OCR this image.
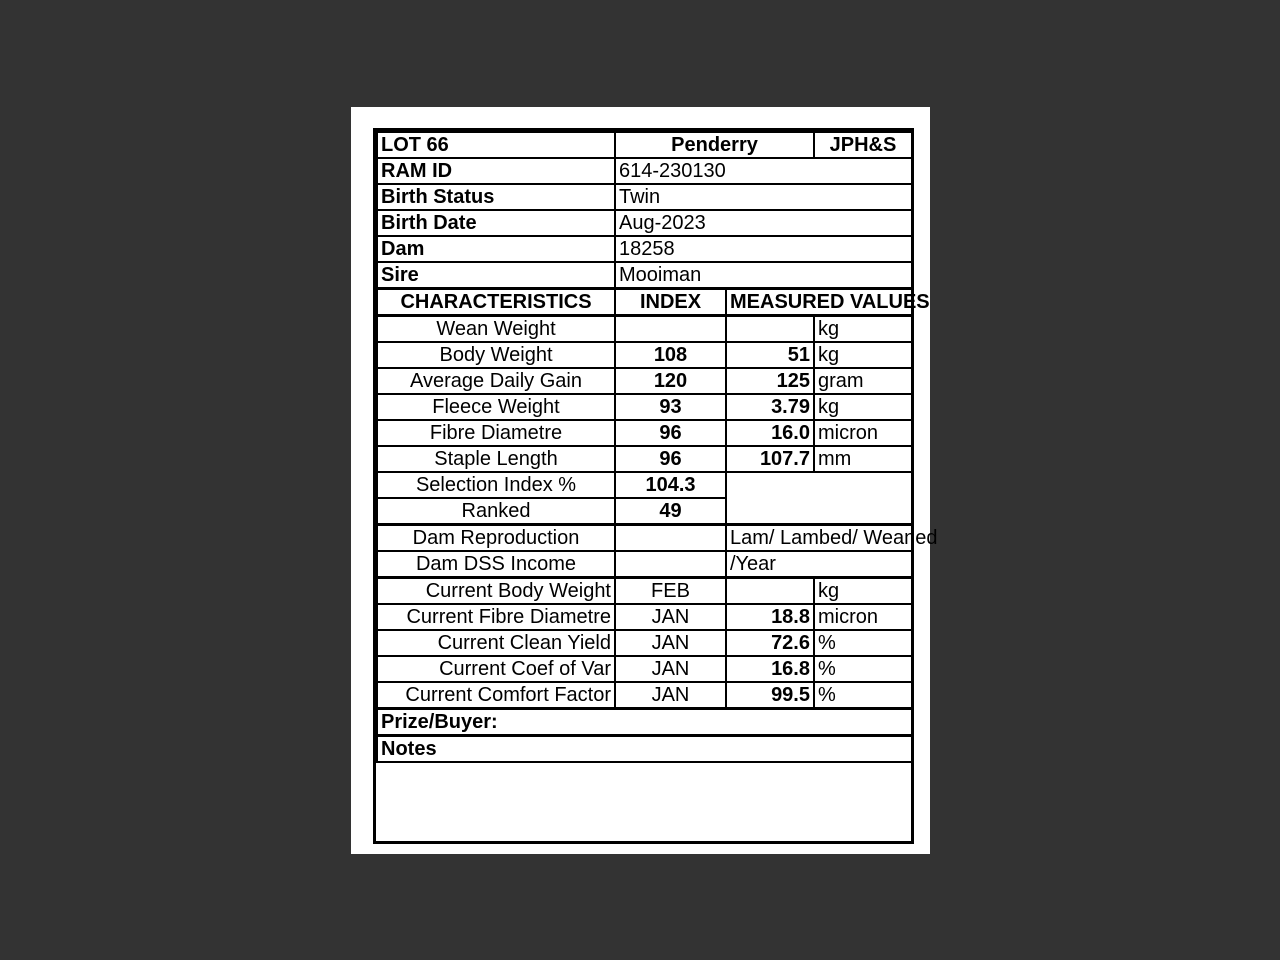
LOT 66	Penderry		JPH&S
RAM ID	614-230130		
Birth Status	Twin		
Birth Date	Aug-2023		
Dam	18258		
Sire	Mooiman		
CHARACTERISTICS	INDEX	MEASURED VALUES	
Wean Weight			kg
Body Weight	108	51	kg
Average Daily Gain	120	125	gram
Fleece Weight	93	3.79	kg
Fibre Diametre	96	16.0	micron
Staple Length	96	107.7	mm
Selection Index %	104.3		
Ranked	49		
Dam Reproduction		Lam/ Lambed/ Weaned	
Dam DSS Income		/Year	
Current Body Weight	FEB		kg
Current Fibre Diametre	JAN	18.8	micron
Current Clean Yield	JAN	72.6	%
Current Coef of Var	JAN	16.8	%
Current Comfort Factor	JAN	99.5	%
Prize/Buyer:			
Notes			
